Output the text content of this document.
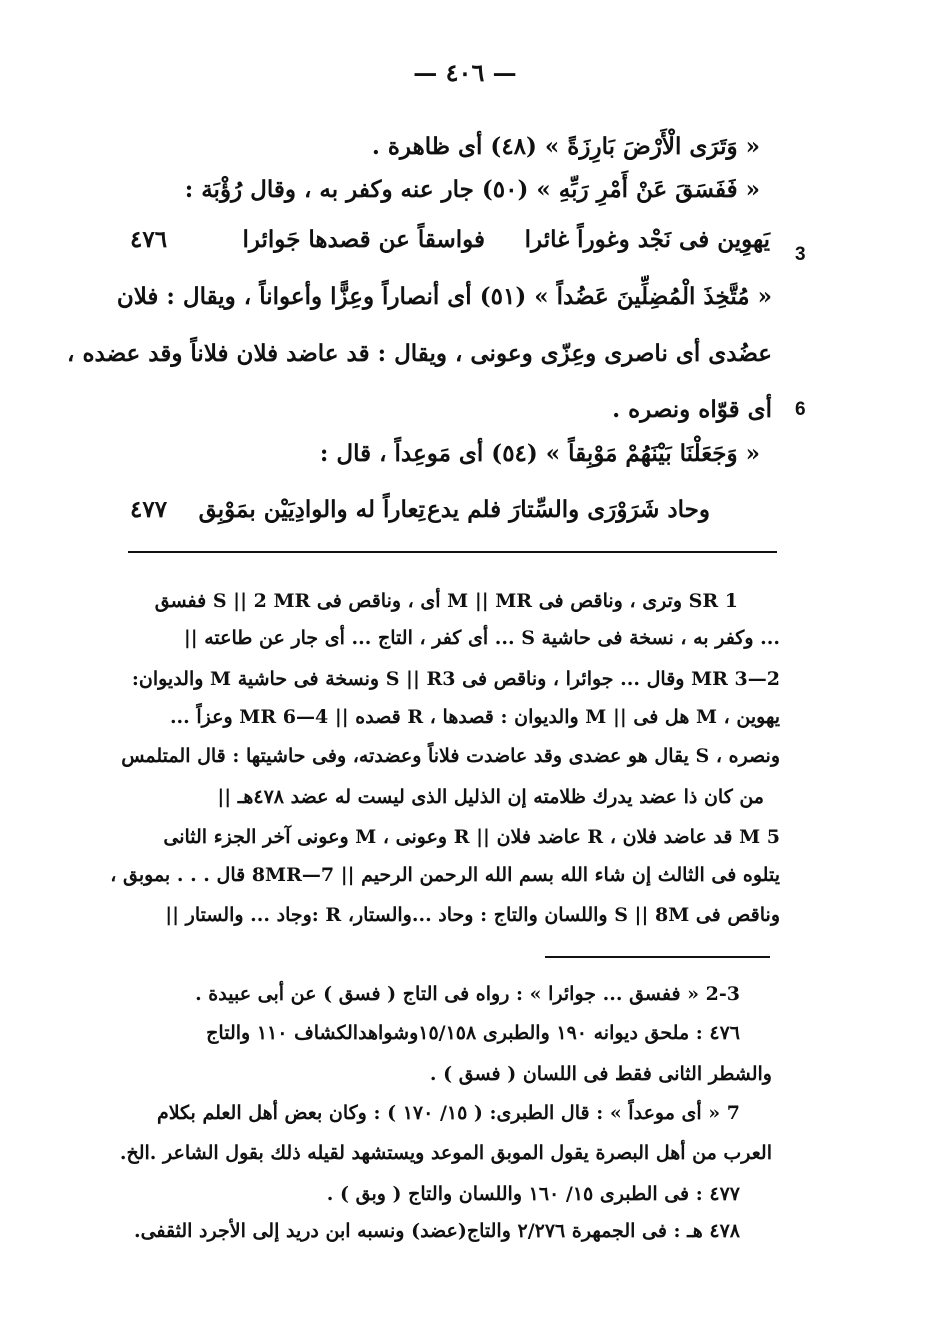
— ٤٠٦ —
« وَتَرَى الْأَرْضَ بَارِزَةً » (٤٨) أى ظاهرة .
« فَفَسَقَ عَنْ أَمْرِ رَبِّهِ » (٥٠) جار عنه وكفر به ، وقال رُؤْبَة :
يَهوِين فى نَجْد وغوراً غائرا
فواسقاً عن قصدها جَوائرا
٤٧٦
3
« مُتَّخِذَ الْمُضِلِّينَ عَضُداً » (٥١) أى أنصاراً وعِزًّا وأعواناً ، ويقال : فلان
عضُدى أى ناصرى وعِزّى وعونى ، ويقال : قد عاضد فلان فلاناً وقد عضده ،
أى قوّاه ونصره . 6
« وَجَعَلْنَا بَيْنَهُمْ مَوْبِقاً » (٥٤) أى مَوعِداً ، قال :
وحاد شَرَوْرَى والسِّتارَ فلم يدع
تِعاراً له والوادِيَيْن بمَوْبِق
٤٧٧
SR 1 وترى ، وناقص فى M || MR أى ، وناقص فى S || 2 MR ففسق
... وكفر به ، نسخة فى حاشية S ... أى كفر ، التاج ... أى جار عن طاعته ||
2—3 MR وقال ... جوائرا ، وناقص فى S || R3 ونسخة فى حاشية M والديوان:
يهوين ، M هل فى || M والديوان : قصدها ، R قصده || 4—6 MR وعزاً ...
ونصره ، S يقال هو عضدى وقد عاضدت فلاناً وعضدته، وفى حاشيتها : قال المتلمس
من كان ذا عضد يدرك ظلامته إن الذليل الذى ليست له عضد ٤٧٨هـ ||
5 M قد عاضد فلان ، R عاضد فلان || R وعونى ، M وعونى آخر الجزء الثانى
يتلوه فى الثالث إن شاء الله بسم الله الرحمن الرحيم || 7—8MR قال . . . بموبق ،
وناقص فى S || 8M واللسان والتاج : وحاد ...والستار، R :وجاد ... والستار ||
2-3 « ففسق ... جوائرا » : رواه فى التاج ( فسق ) عن أبى عبيدة .
٤٧٦ : ملحق ديوانه ١٩٠ والطبرى ١٥/١٥٨وشواهدالكشاف ١١٠ والتاج
والشطر الثانى فقط فى اللسان ( فسق ) .
7 « أى موعداً » : قال الطبرى: ( ١٥/ ١٧٠ ) : وكان بعض أهل العلم بكلام
العرب من أهل البصرة يقول الموبق الموعد ويستشهد لقيله ذلك بقول الشاعر .الخ.
٤٧٧ : فى الطبرى ١٥/ ١٦٠ واللسان والتاج ( وبق ) .
٤٧٨ هـ : فى الجمهرة ٢/٢٧٦ والتاج(عضد) ونسبه ابن دريد إلى الأجرد الثقفى.
